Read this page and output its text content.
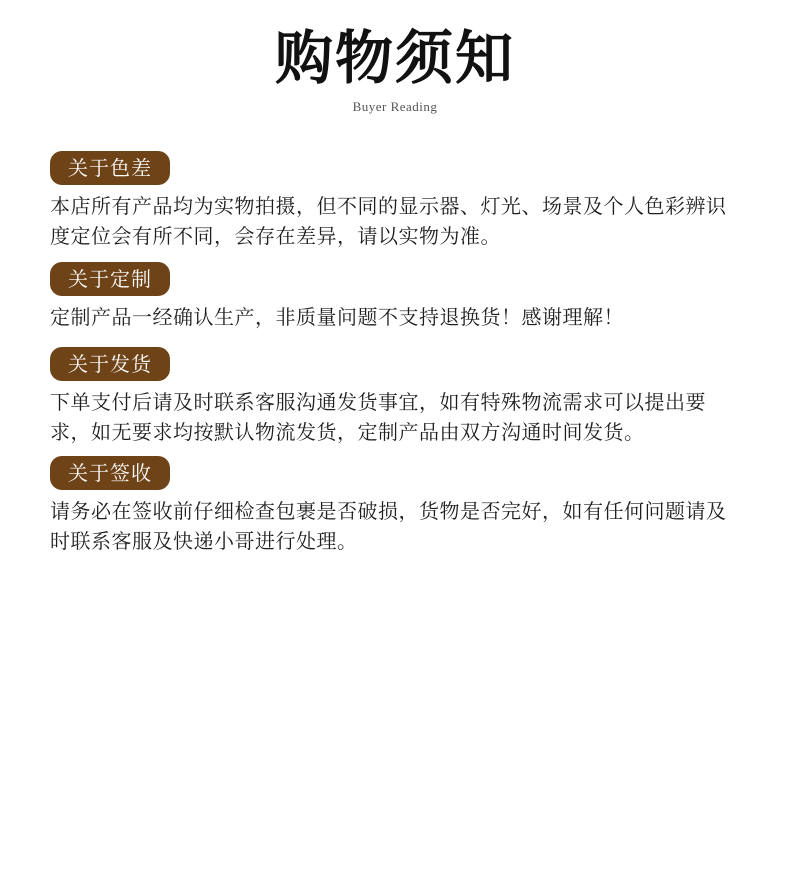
购物须知
Buyer Reading
关于色差
本店所有产品均为实物拍摄，但不同的显示器、灯光、场景及个人色彩辨识度定位会有所不同，会存在差异，请以实物为准。
关于定制
定制产品一经确认生产，非质量问题不支持退换货！感谢理解！
关于发货
下单支付后请及时联系客服沟通发货事宜，如有特殊物流需求可以提出要求，如无要求均按默认物流发货，定制产品由双方沟通时间发货。
关于签收
请务必在签收前仔细检查包裹是否破损，货物是否完好，如有任何问题请及时联系客服及快递小哥进行处理。
